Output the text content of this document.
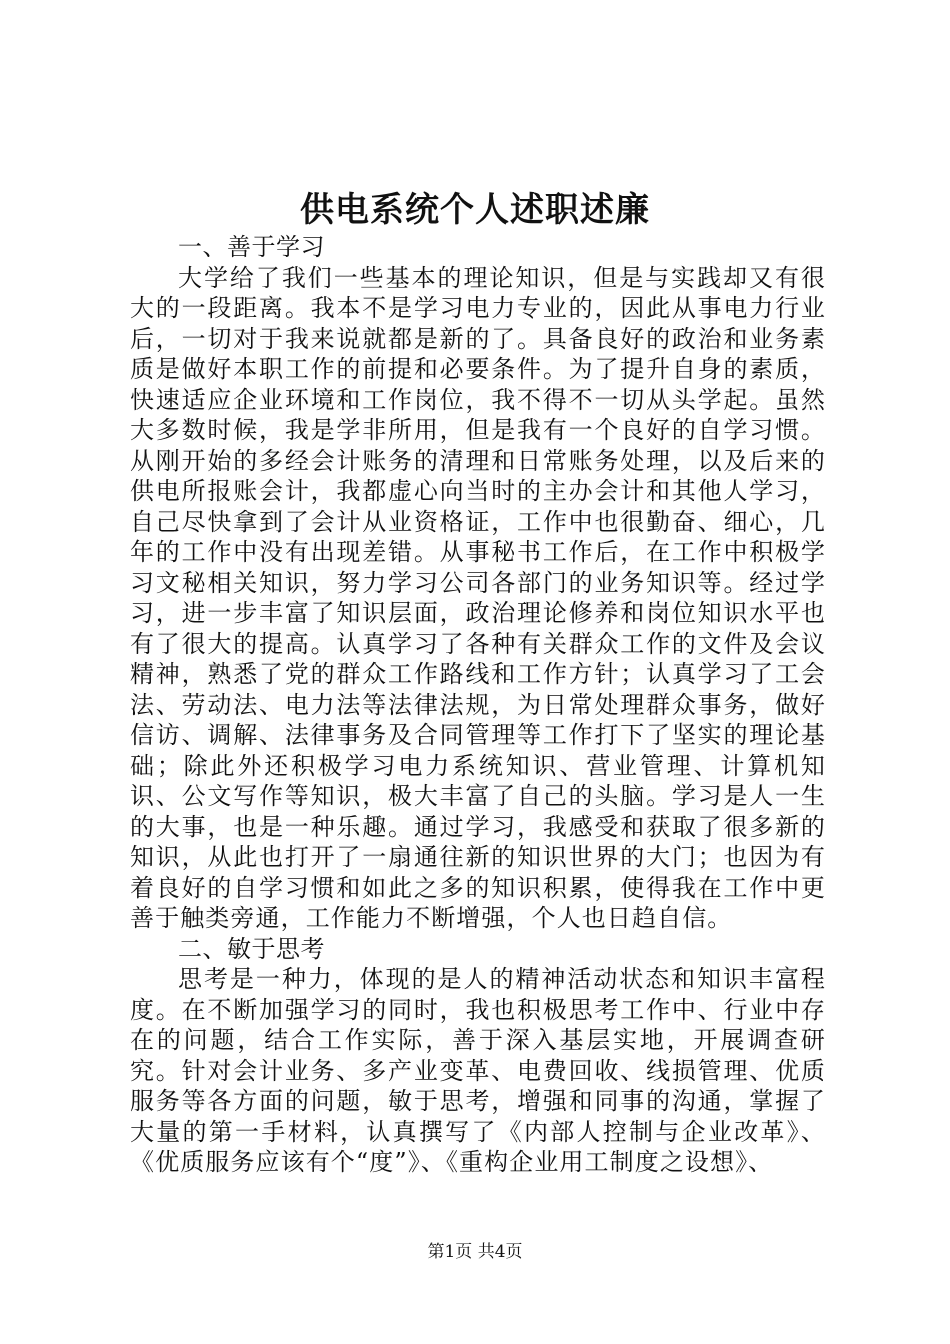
供电系统个人述职述廉

一、善于学习

大学给了我们一些基本的理论知识，但是与实践却又有很大的一段距离。我本不是学习电力专业的，因此从事电力行业后，一切对于我来说就都是新的了。具备良好的政治和业务素质是做好本职工作的前提和必要条件。为了提升自身的素质，快速适应企业环境和工作岗位，我不得不一切从头学起。虽然大多数时候，我是学非所用，但是我有一个良好的自学习惯。从刚开始的多经会计账务的清理和日常账务处理，以及后来的供电所报账会计，我都虚心向当时的主办会计和其他人学习，自己尽快拿到了会计从业资格证，工作中也很勤奋、细心，几年的工作中没有出现差错。从事秘书工作后，在工作中积极学习文秘相关知识，努力学习公司各部门的业务知识等。经过学习，进一步丰富了知识层面，政治理论修养和岗位知识水平也有了很大的提高。认真学习了各种有关群众工作的文件及会议精神，熟悉了党的群众工作路线和工作方针；认真学习了工会法、劳动法、电力法等法律法规，为日常处理群众事务，做好信访、调解、法律事务及合同管理等工作打下了坚实的理论基础；除此外还积极学习电力系统知识、营业管理、计算机知识、公文写作等知识，极大丰富了自己的头脑。学习是人一生的大事，也是一种乐趣。通过学习，我感受和获取了很多新的知识，从此也打开了一扇通往新的知识世界的大门；也因为有着良好的自学习惯和如此之多的知识积累，使得我在工作中更善于触类旁通，工作能力不断增强，个人也日趋自信。

二、敏于思考

思考是一种力，体现的是人的精神活动状态和知识丰富程度。在不断加强学习的同时，我也积极思考工作中、行业中存在的问题，结合工作实际，善于深入基层实地，开展调查研究。针对会计业务、多产业变革、电费回收、线损管理、优质服务等各方面的问题，敏于思考，增强和同事的沟通，掌握了大量的第一手材料，认真撰写了《内部人控制与企业改革》、《优质服务应该有个“度”》、《重构企业用工制度之设想》、

第1页 共4页
